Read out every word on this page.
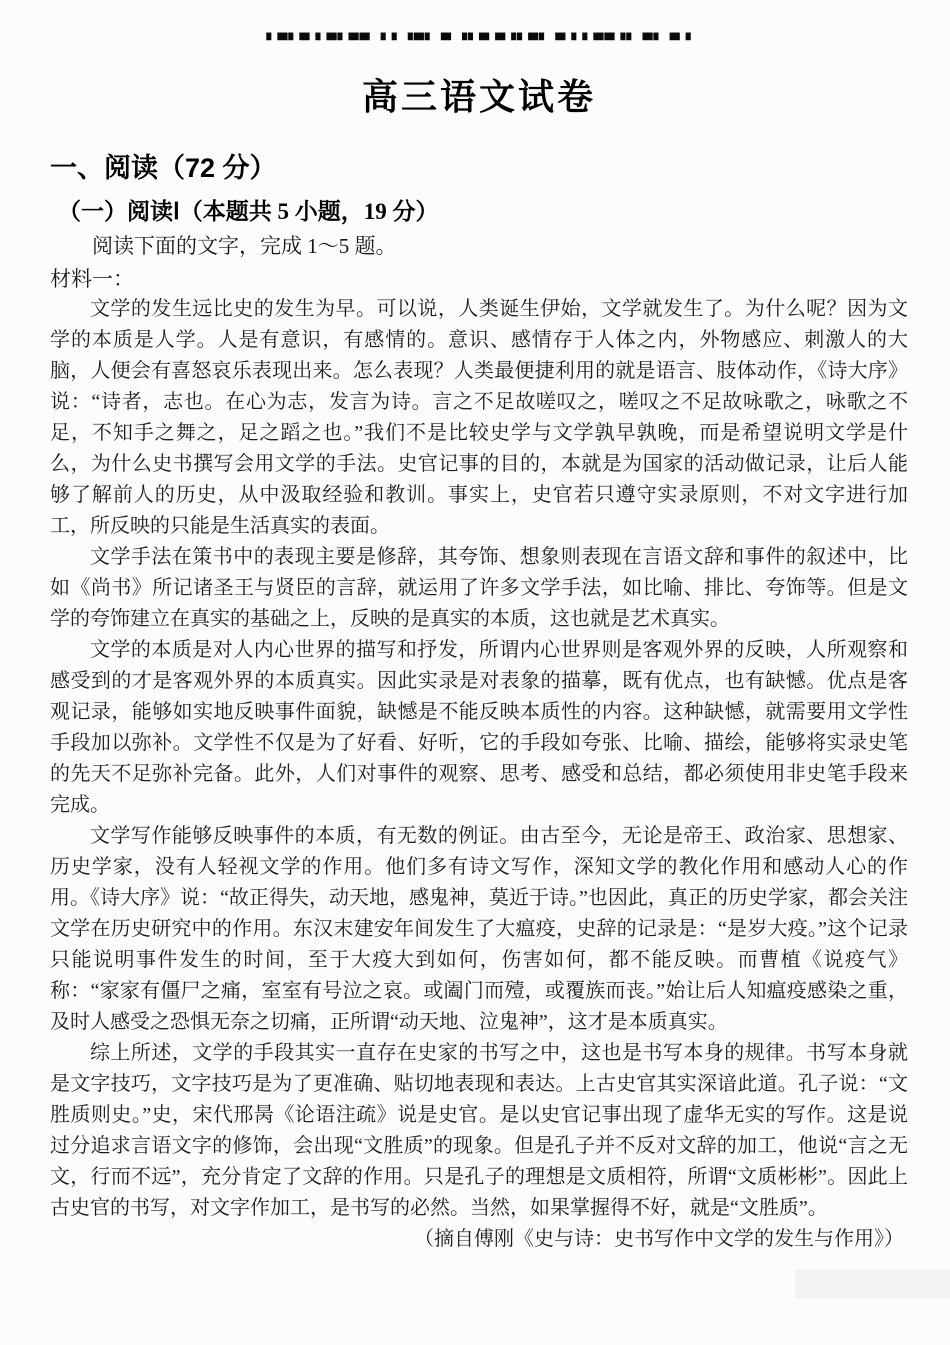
▖▄▖▄▗ ▄▖▄▄ ▗ ▖▗▄▖ ▄ ▗▖▄ ▄▗▖▄▖ ▄▗ ▖▄▄▗▖ ▄▖ ▄▗
高三语文试卷
一、阅读（72 分）
（一）阅读Ⅰ（本题共 5 小题，19 分）
阅读下面的文字，完成 1～5 题。
材料一：

文学的发生远比史的发生为早。可以说，人类诞生伊始，文学就发生了。为什么呢？因为文学的本质是人学。人是有意识，有感情的。意识、感情存于人体之内，外物感应、刺激人的大脑，人便会有喜怒哀乐表现出来。怎么表现？人类最便捷利用的就是语言、肢体动作，《诗大序》说：“诗者，志也。在心为志，发言为诗。言之不足故嗟叹之，嗟叹之不足故咏歌之，咏歌之不足，不知手之舞之，足之蹈之也。”我们不是比较史学与文学孰早孰晚，而是希望说明文学是什么，为什么史书撰写会用文学的手法。史官记事的目的，本就是为国家的活动做记录，让后人能够了解前人的历史，从中汲取经验和教训。事实上，史官若只遵守实录原则，不对文字进行加工，所反映的只能是生活真实的表面。

文学手法在策书中的表现主要是修辞，其夸饰、想象则表现在言语文辞和事件的叙述中，比如《尚书》所记诸圣王与贤臣的言辞，就运用了许多文学手法，如比喻、排比、夸饰等。但是文学的夸饰建立在真实的基础之上，反映的是真实的本质，这也就是艺术真实。

文学的本质是对人内心世界的描写和抒发，所谓内心世界则是客观外界的反映，人所观察和感受到的才是客观外界的本质真实。因此实录是对表象的描摹，既有优点，也有缺憾。优点是客观记录，能够如实地反映事件面貌，缺憾是不能反映本质性的内容。这种缺憾，就需要用文学性手段加以弥补。文学性不仅是为了好看、好听，它的手段如夸张、比喻、描绘，能够将实录史笔的先天不足弥补完备。此外，人们对事件的观察、思考、感受和总结，都必须使用非史笔手段来完成。

文学写作能够反映事件的本质，有无数的例证。由古至今，无论是帝王、政治家、思想家、历史学家，没有人轻视文学的作用。他们多有诗文写作，深知文学的教化作用和感动人心的作用。《诗大序》说：“故正得失，动天地，感鬼神，莫近于诗。”也因此，真正的历史学家，都会关注文学在历史研究中的作用。东汉末建安年间发生了大瘟疫，史辞的记录是：“是岁大疫。”这个记录只能说明事件发生的时间，至于大疫大到如何，伤害如何，都不能反映。而曹植《说疫气》称：“家家有僵尸之痛，室室有号泣之哀。或阖门而殪，或覆族而丧。”始让后人知瘟疫感染之重，及时人感受之恐惧无奈之切痛，正所谓“动天地、泣鬼神”，这才是本质真实。

综上所述，文学的手段其实一直存在史家的书写之中，这也是书写本身的规律。书写本身就是文字技巧，文字技巧是为了更准确、贴切地表现和表达。上古史官其实深谙此道。孔子说：“文胜质则史。”史，宋代邢昺《论语注疏》说是史官。是以史官记事出现了虚华无实的写作。这是说过分追求言语文字的修饰，会出现“文胜质”的现象。但是孔子并不反对文辞的加工，他说“言之无文，行而不远”，充分肯定了文辞的作用。只是孔子的理想是文质相符，所谓“文质彬彬”。因此上古史官的书写，对文字作加工，是书写的必然。当然，如果掌握得不好，就是“文胜质”。

（摘自傅刚《史与诗：史书写作中文学的发生与作用》）
